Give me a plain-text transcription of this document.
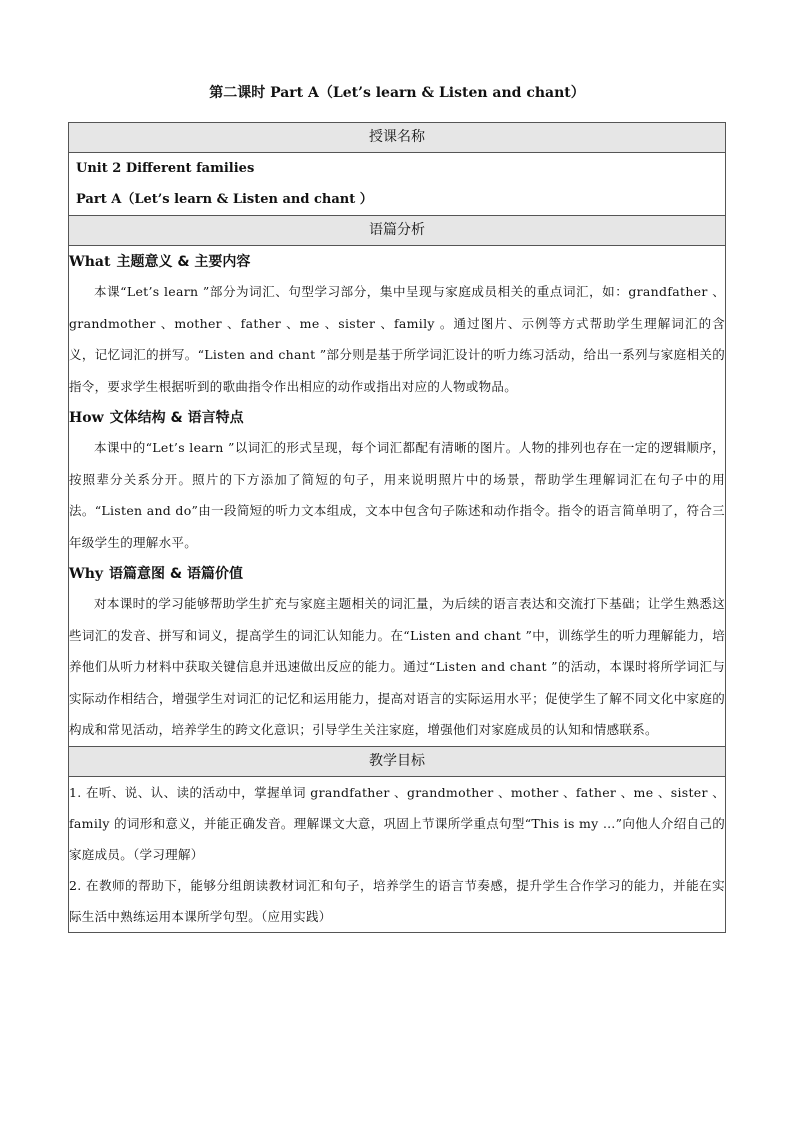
第二课时 Part A（Let’s learn & Listen and chant）
授课名称

Unit 2 Different families
Part A（Let’s learn & Listen and chant ）

语篇分析

What 主题意义 & 主要内容

本课“Let’s learn ”部分为词汇、句型学习部分，集中呈现与家庭成员相关的重点词汇，如：grandfather 、grandmother 、mother 、father 、me 、sister 、family 。通过图片、示例等方式帮助学生理解词汇的含义，记忆词汇的拼写。“Listen and chant ”部分则是基于所学词汇设计的听力练习活动，给出一系列与家庭相关的指令，要求学生根据听到的歌曲指令作出相应的动作或指出对应的人物或物品。

How 文体结构 & 语言特点

本课中的“Let’s learn ”以词汇的形式呈现，每个词汇都配有清晰的图片。人物的排列也存在一定的逻辑顺序，按照辈分关系分开。照片的下方添加了简短的句子，用来说明照片中的场景，帮助学生理解词汇在句子中的用法。“Listen and do”由一段简短的听力文本组成，文本中包含句子陈述和动作指令。指令的语言简单明了，符合三年级学生的理解水平。

Why 语篇意图 & 语篇价值

对本课时的学习能够帮助学生扩充与家庭主题相关的词汇量，为后续的语言表达和交流打下基础；让学生熟悉这些词汇的发音、拼写和词义，提高学生的词汇认知能力。在“Listen and chant ”中，训练学生的听力理解能力，培养他们从听力材料中获取关键信息并迅速做出反应的能力。通过“Listen and chant ”的活动，本课时将所学词汇与实际动作相结合，增强学生对词汇的记忆和运用能力，提高对语言的实际运用水平；促使学生了解不同文化中家庭的构成和常见活动，培养学生的跨文化意识；引导学生关注家庭，增强他们对家庭成员的认知和情感联系。

教学目标

1. 在听、说、认、读的活动中，掌握单词 grandfather 、grandmother 、mother 、father 、me 、sister 、family 的词形和意义，并能正确发音。理解课文大意，巩固上节课所学重点句型“This is my …”向他人介绍自己的家庭成员。（学习理解）

2. 在教师的帮助下，能够分组朗读教材词汇和句子，培养学生的语言节奏感，提升学生合作学习的能力，并能在实际生活中熟练运用本课所学句型。（应用实践）
